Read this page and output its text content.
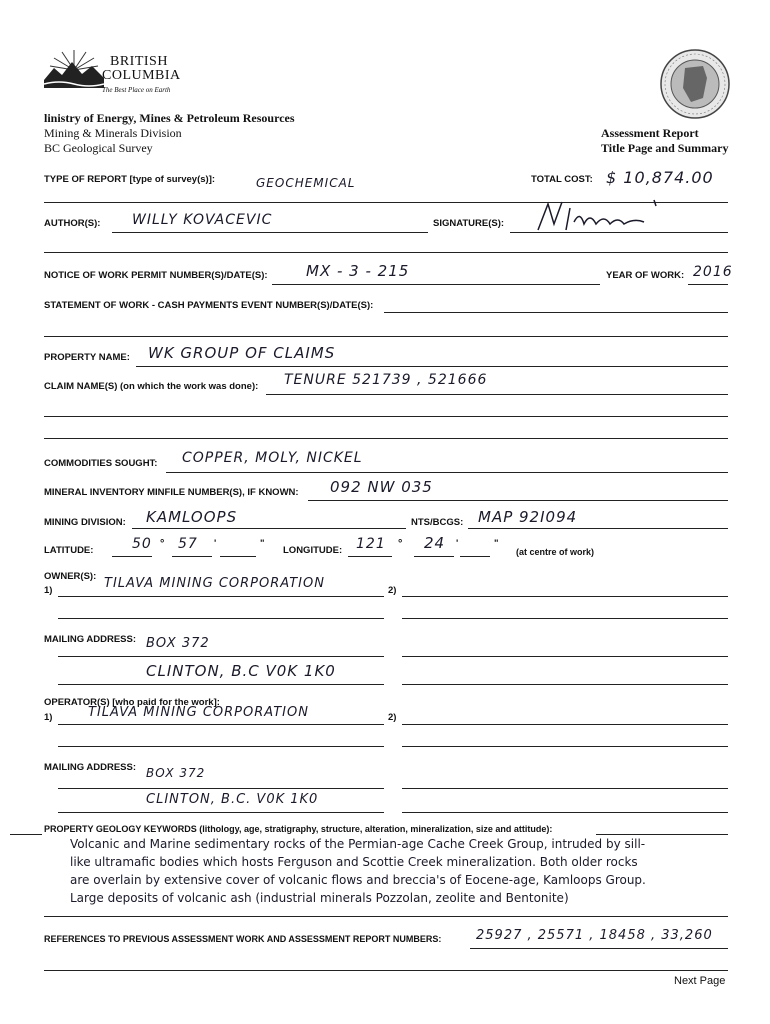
BRITISH
COLUMBIA
The Best Place on Earth
linistry of Energy, Mines & Petroleum Resources
Mining & Minerals Division
BC Geological Survey
Assessment Report
Title Page and Summary
TYPE OF REPORT [type of survey(s)]:	GEOCHEMICAL	TOTAL COST: $ 10,874.00
AUTHOR(S): WILLY KOVACEVIC	SIGNATURE(S):
NOTICE OF WORK PERMIT NUMBER(S)/DATE(S):	MX - 3 - 215	YEAR OF WORK: 2016
STATEMENT OF WORK - CASH PAYMENTS EVENT NUMBER(S)/DATE(S):
PROPERTY NAME: WK GROUP OF CLAIMS
CLAIM NAME(S) (on which the work was done): TENURE 521739 , 521666
COMMODITIES SOUGHT: COPPER, MOLY, NICKEL
MINERAL INVENTORY MINFILE NUMBER(S), IF KNOWN: 092 NW 035
MINING DIVISION: KAMLOOPS	NTS/BCGS: MAP 92I094
LATITUDE:	50 ° 57 '	"
LONGITUDE: 121 ° 24 '	"
(at centre of work)
OWNER(S):
1)	TILAVA MINING CORPORATION	2)
MAILING ADDRESS: BOX 372
CLINTON, B.C V0K 1K0
OPERATOR(S) [who paid for the work]:
1)	TILAVA MINING CORPORATION	2)
MAILING ADDRESS: BOX 372
CLINTON, B.C. V0K 1K0
PROPERTY GEOLOGY KEYWORDS (lithology, age, stratigraphy, structure, alteration, mineralization, size and attitude):
Volcanic and Marine sedimentary rocks of the Permian-age Cache Creek Group, intruded by sill-like ultramafic bodies which hosts Ferguson and Scottie Creek mineralization. Both older rocks are overlain by extensive cover of volcanic flows and breccia's of Eocene-age, Kamloops Group. Large deposits of volcanic ash (industrial minerals Pozzolan, zeolite and Bentonite)
REFERENCES TO PREVIOUS ASSESSMENT WORK AND ASSESSMENT REPORT NUMBERS:	25927 , 25571 , 18458 , 33,260
Next Page
